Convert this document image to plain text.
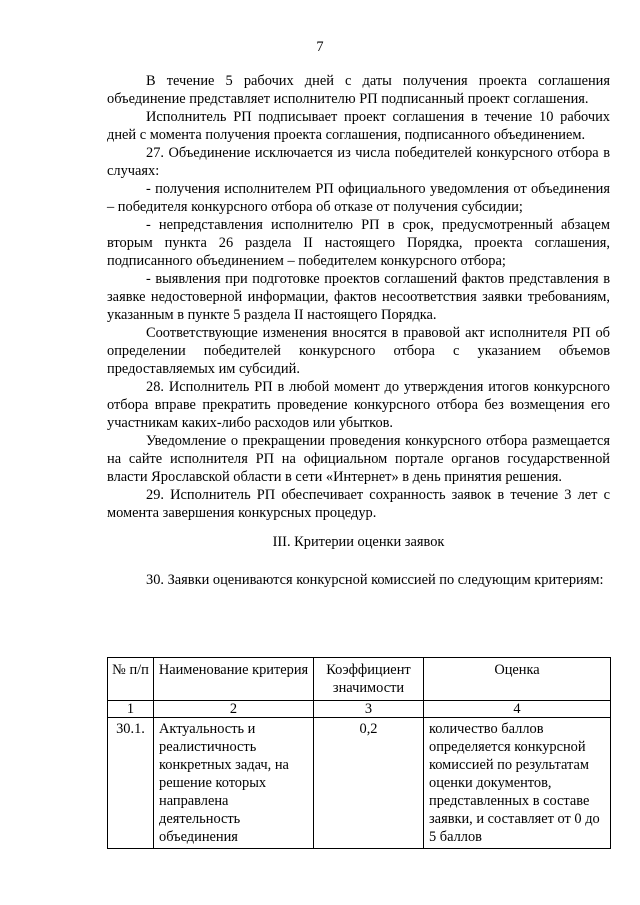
7

В течение 5 рабочих дней с даты получения проекта соглашения объединение представляет исполнителю РП подписанный проект соглашения.

Исполнитель РП подписывает проект соглашения в течение 10 рабочих дней с момента получения проекта соглашения, подписанного объединением.

27. Объединение исключается из числа победителей конкурсного отбора в случаях:

- получения исполнителем РП официального уведомления от объединения – победителя конкурсного отбора об отказе от получения субсидии;

- непредставления исполнителю РП в срок, предусмотренный абзацем вторым пункта 26 раздела II настоящего Порядка, проекта соглашения, подписанного объединением – победителем конкурсного отбора;

- выявления при подготовке проектов соглашений фактов представления в заявке недостоверной информации, фактов несоответствия заявки требованиям, указанным в пункте 5 раздела II настоящего Порядка.

Соответствующие изменения вносятся в правовой акт исполнителя РП об определении победителей конкурсного отбора с указанием объемов предоставляемых им субсидий.

28. Исполнитель РП в любой момент до утверждения итогов конкурсного отбора вправе прекратить проведение конкурсного отбора без возмещения его участникам каких-либо расходов или убытков.

Уведомление о прекращении проведения конкурсного отбора размещается на сайте исполнителя РП на официальном портале органов государственной власти Ярославской области в сети «Интернет» в день принятия решения.

29. Исполнитель РП обеспечивает сохранность заявок в течение 3 лет с момента завершения конкурсных процедур.

III. Критерии оценки заявок

30. Заявки оцениваются конкурсной комиссией по следующим критериям:

№ п/п	Наименование критерия	Коэффициент значимости	Оценка
1	2	3	4
30.1.	Актуальность и реалистичность конкретных задач, на решение которых направлена деятельность объединения	0,2	количество баллов определяется конкурсной комиссией по результатам оценки документов, представленных в составе заявки, и составляет от 0 до 5 баллов
